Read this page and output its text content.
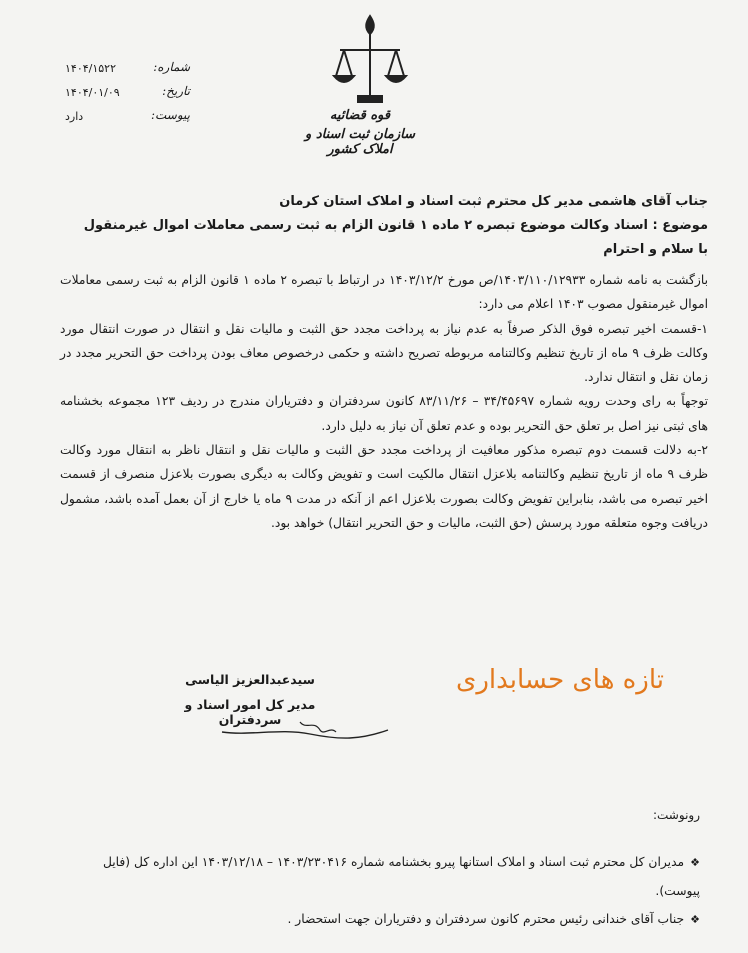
قوه قضائیه
سازمان ثبت اسناد و املاک کشور
شماره:
۱۴۰۴/۱۵۲۲
تاریخ:
۱۴۰۴/۰۱/۰۹
پیوست:
دارد
جناب آقای هاشمی مدیر کل محترم ثبت اسناد و املاک استان کرمان
موضوع : اسناد وکالت موضوع تبصره ۲ ماده ۱ قانون الزام به ثبت رسمی معاملات اموال غیرمنقول
با سلام و احترام

بازگشت به نامه شماره ۱۴۰۳/۱۱۰/۱۲۹۳۳/ص مورخ ۱۴۰۳/۱۲/۲ در ارتباط با تبصره ۲ ماده ۱ قانون الزام به ثبت رسمی معاملات اموال غیرمنقول مصوب ۱۴۰۳ اعلام می دارد:

۱-قسمت اخیر تبصره فوق الذکر صرفاً به عدم نیاز به پرداخت مجدد حق الثبت و مالیات نقل و انتقال در صورت انتقال مورد وکالت ظرف ۹ ماه از تاریخ تنظیم وکالتنامه مربوطه تصریح داشته و حکمی درخصوص معاف بودن پرداخت حق التحریر مجدد در زمان نقل و انتقال ندارد.

توجهاً به رای وحدت رویه شماره ۳۴/۴۵۶۹۷ – ۸۳/۱۱/۲۶ کانون سردفتران و دفترياران مندرج در ردیف ۱۲۳ مجموعه بخشنامه های ثبتی نیز اصل بر تعلق حق التحریر بوده و عدم تعلق آن نیاز به دلیل دارد.

۲-به دلالت قسمت دوم تبصره مذکور معافیت از پرداخت مجدد حق الثبت و مالیات نقل و انتقال ناظر به انتقال مورد وکالت ظرف ۹ ماه از تاریخ تنظیم وکالتنامه بلاعزل انتقال مالکیت است و تفویض وکالت به دیگری بصورت بلاعزل منصرف از قسمت اخیر تبصره می باشد، بنابراین تفویض وکالت بصورت بلاعزل اعم از آنکه در مدت ۹ ماه یا خارج از آن بعمل آمده باشد، مشمول دریافت وجوه متعلقه مورد پرسش (حق الثبت، مالیات و حق التحریر انتقال) خواهد بود.

تازه های حسابداری
سیدعبدالعزیز الیاسی
مدیر کل امور اسناد و سردفتران
رونوشت:

❖مدیران کل محترم ثبت اسناد و املاک استانها پیرو بخشنامه شماره ۱۴۰۳/۲۳۰۴۱۶ – ۱۴۰۳/۱۲/۱۸ این اداره کل (فایل پیوست).

❖جناب آقای خندانی رئیس محترم کانون سردفتران و دفترياران جهت استحضار .
